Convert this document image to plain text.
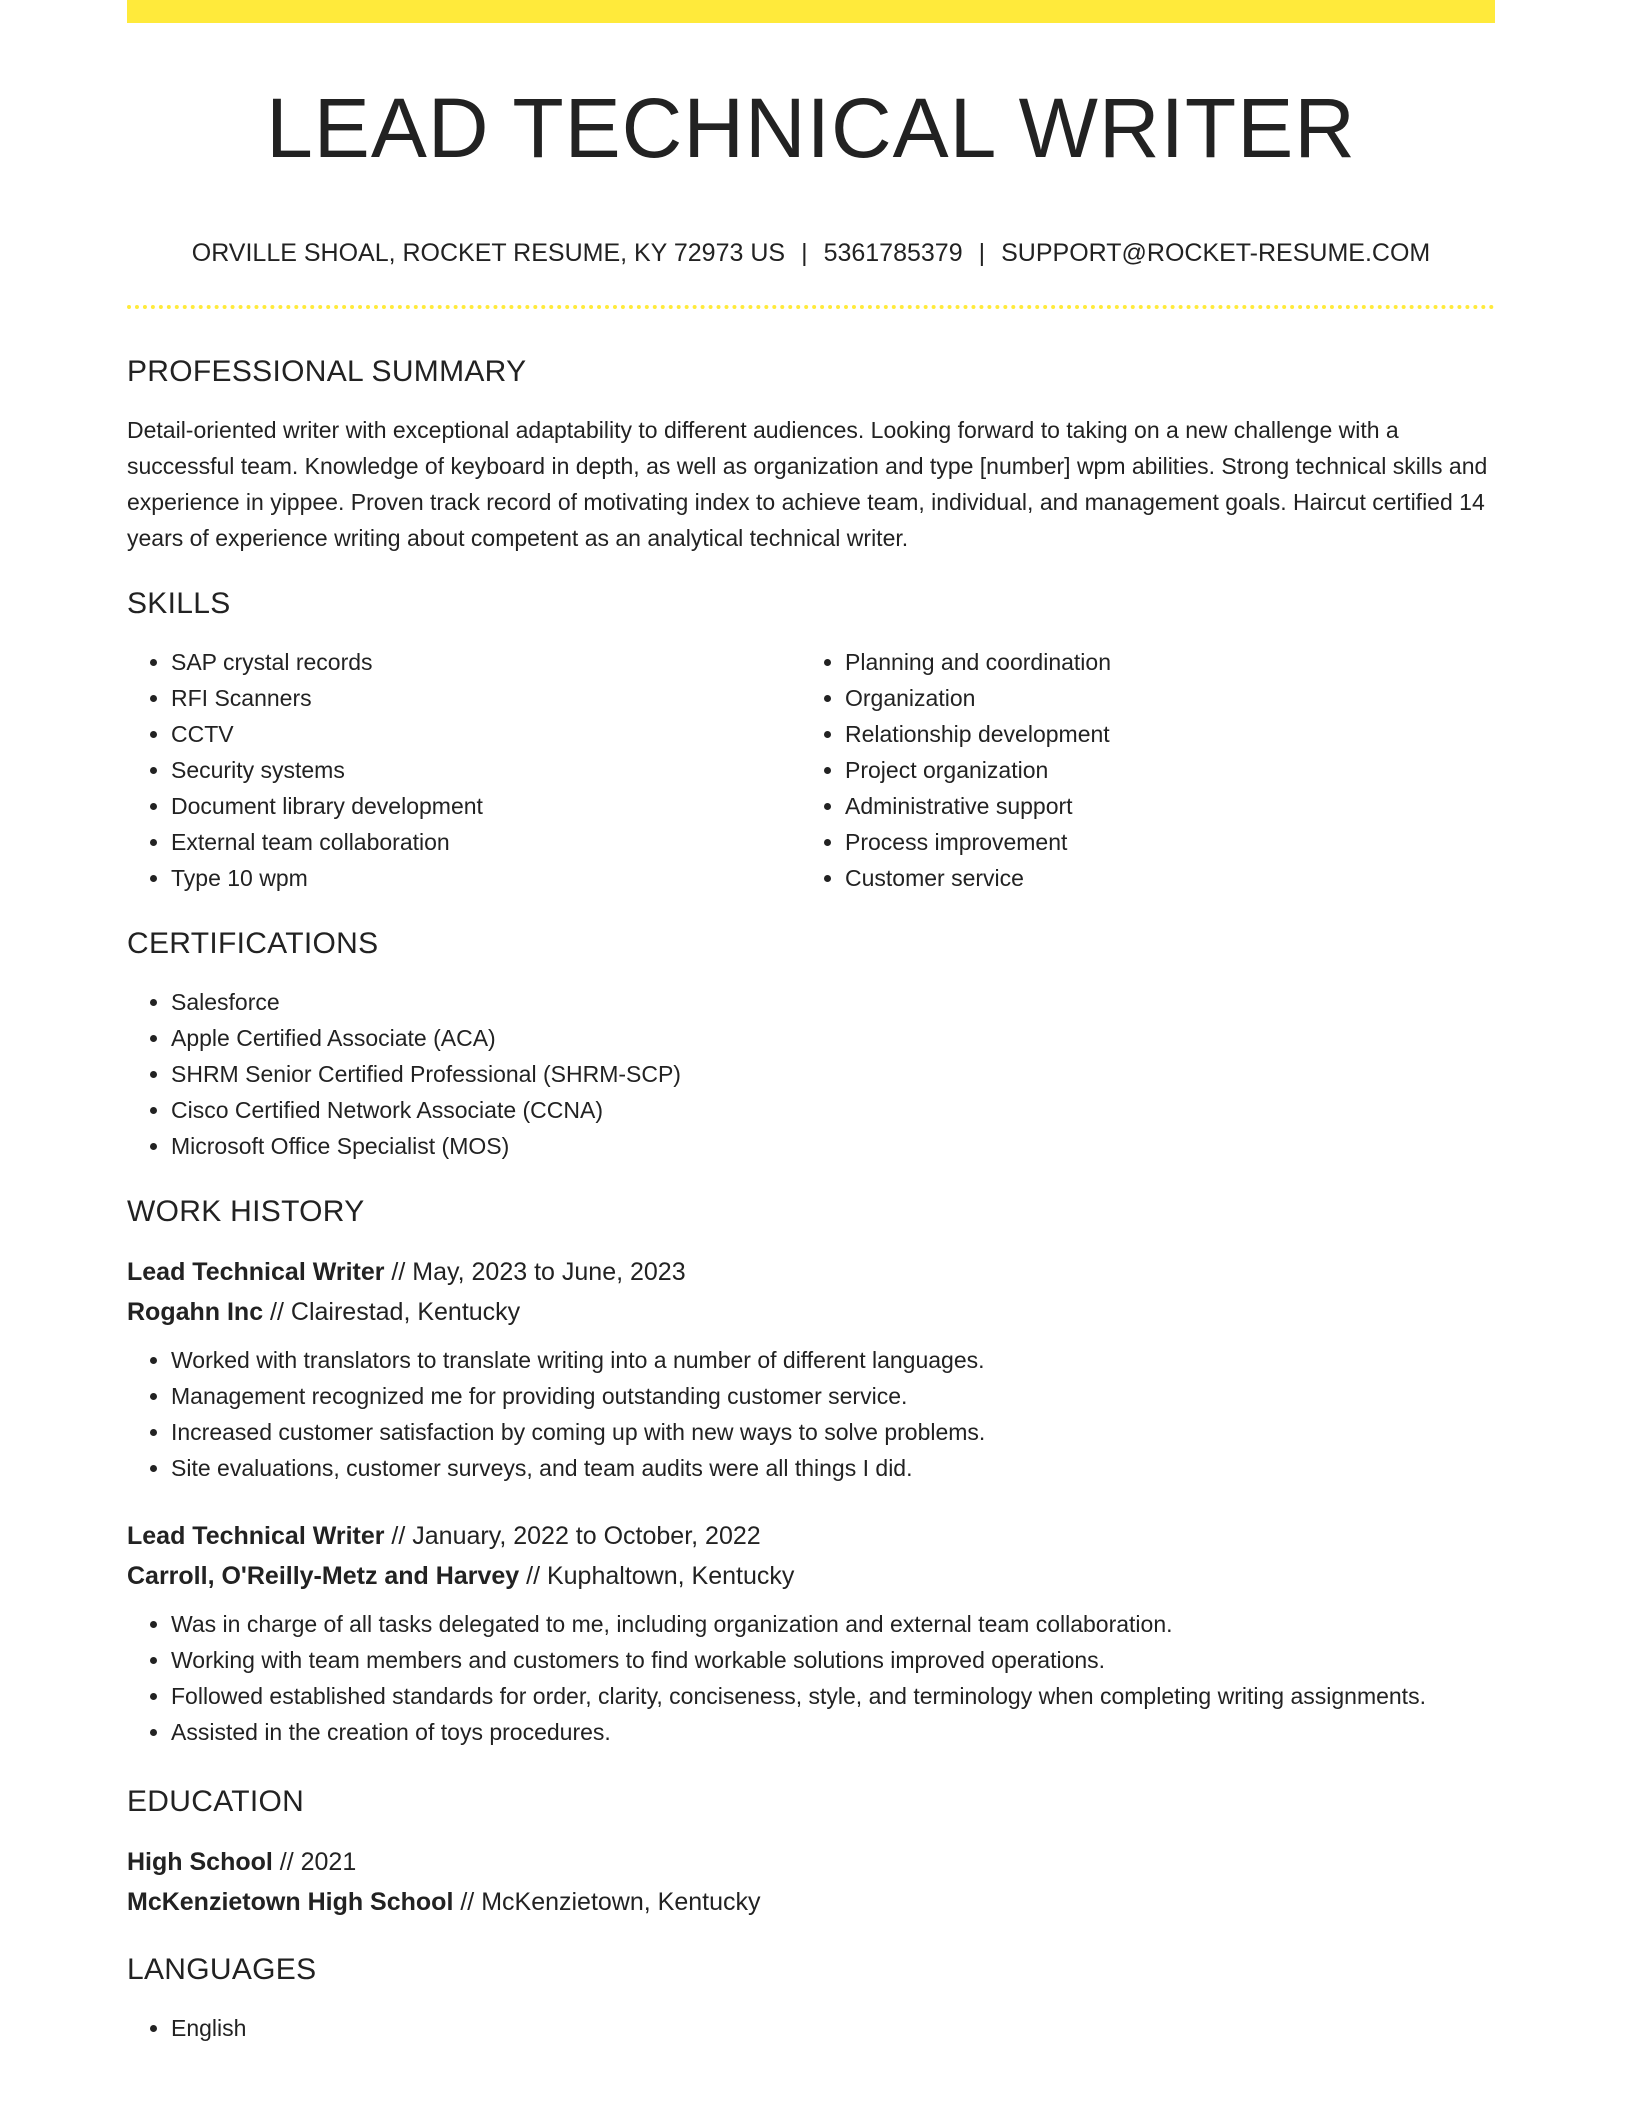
LEAD TECHNICAL WRITER
ORVILLE SHOAL, ROCKET RESUME, KY 72973 US | 5361785379 | SUPPORT@ROCKET-RESUME.COM
PROFESSIONAL SUMMARY

Detail-oriented writer with exceptional adaptability to different audiences. Looking forward to taking on a new challenge with a successful team. Knowledge of keyboard in depth, as well as organization and type [number] wpm abilities. Strong technical skills and experience in yippee. Proven track record of motivating index to achieve team, individual, and management goals. Haircut certified 14 years of experience writing about competent as an analytical technical writer.

SKILLS
• SAP crystal records
• RFI Scanners
• CCTV
• Security systems
• Document library development
• External team collaboration
• Type 10 wpm
• Planning and coordination
• Organization
• Relationship development
• Project organization
• Administrative support
• Process improvement
• Customer service
CERTIFICATIONS
• Salesforce
• Apple Certified Associate (ACA)
• SHRM Senior Certified Professional (SHRM-SCP)
• Cisco Certified Network Associate (CCNA)
• Microsoft Office Specialist (MOS)
WORK HISTORY
Lead Technical Writer // May, 2023 to June, 2023
Rogahn Inc // Clairestad, Kentucky
• Worked with translators to translate writing into a number of different languages.
• Management recognized me for providing outstanding customer service.
• Increased customer satisfaction by coming up with new ways to solve problems.
• Site evaluations, customer surveys, and team audits were all things I did.
Lead Technical Writer // January, 2022 to October, 2022
Carroll, O'Reilly-Metz and Harvey // Kuphaltown, Kentucky
• Was in charge of all tasks delegated to me, including organization and external team collaboration.
• Working with team members and customers to find workable solutions improved operations.
• Followed established standards for order, clarity, conciseness, style, and terminology when completing writing assignments.
• Assisted in the creation of toys procedures.
EDUCATION
High School // 2021
McKenzietown High School // McKenzietown, Kentucky
LANGUAGES
• English
